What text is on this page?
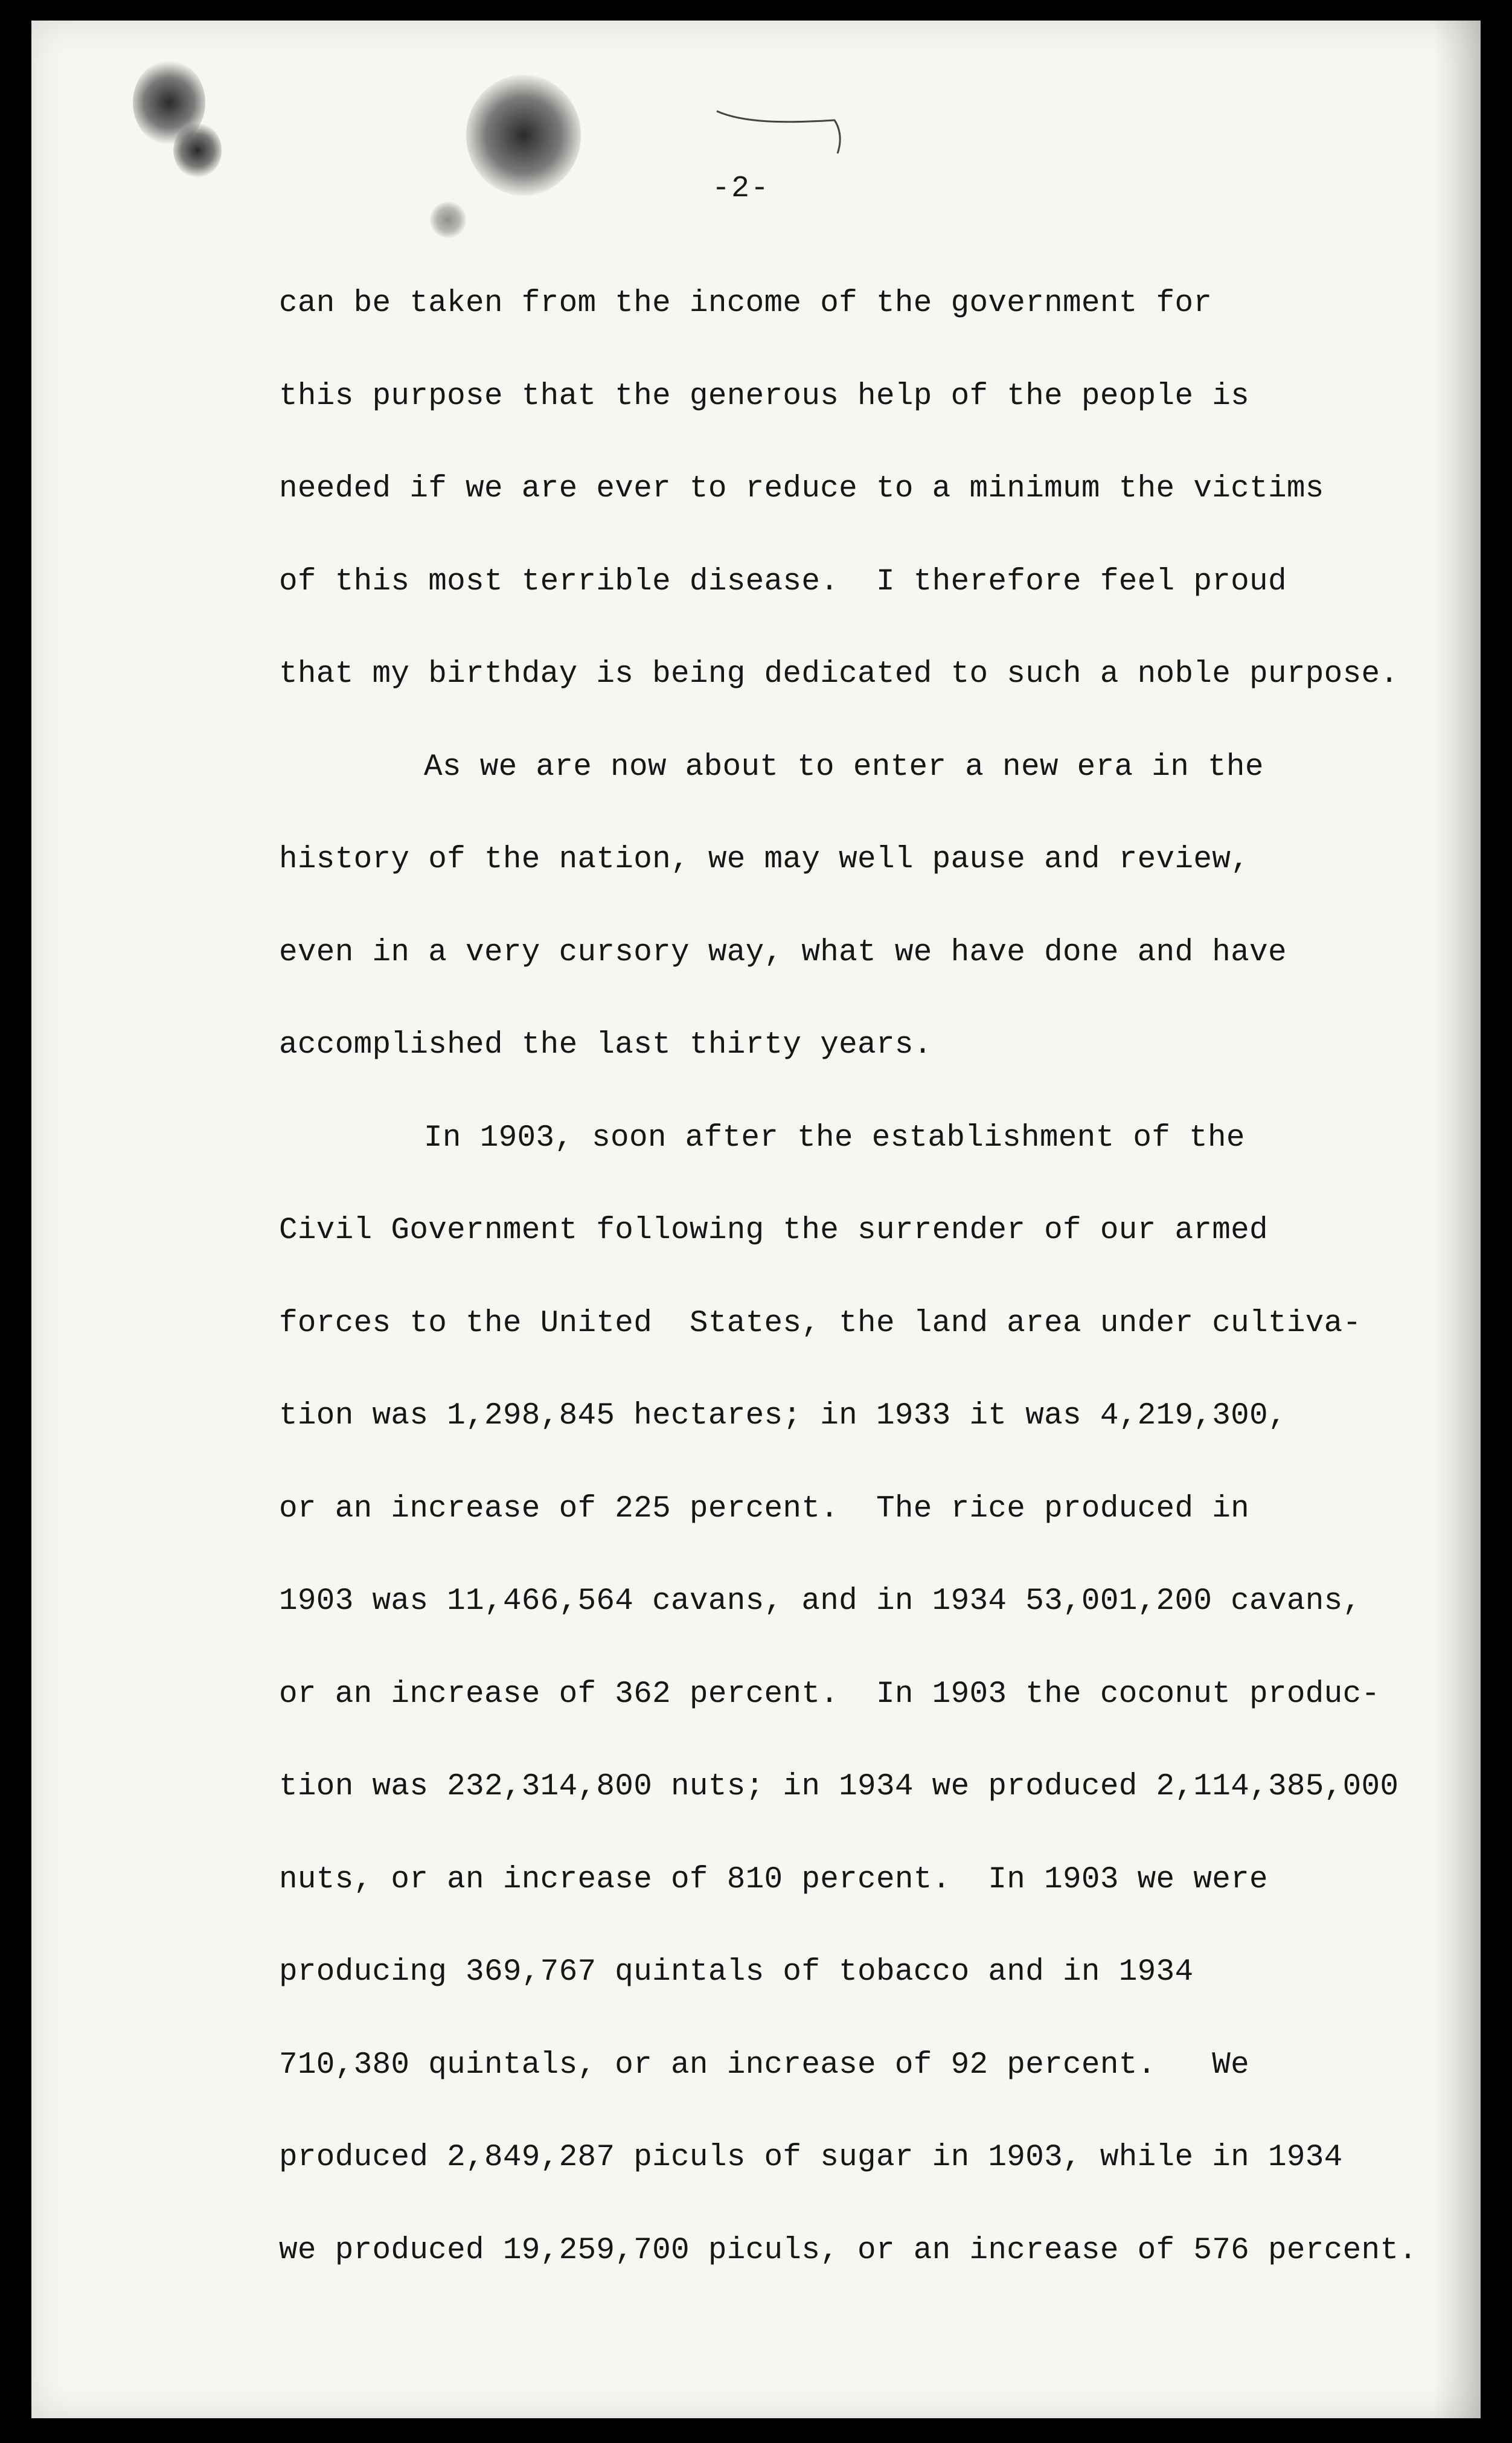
-2-
can be taken from the income of the government for
this purpose that the generous help of the people is
needed if we are ever to reduce to a minimum the victims
of this most terrible disease.  I therefore feel proud
that my birthday is being dedicated to such a noble purpose.
As we are now about to enter a new era in the
history of the nation, we may well pause and review,
even in a very cursory way, what we have done and have
accomplished the last thirty years.
In 1903, soon after the establishment of the
Civil Government following the surrender of our armed
forces to the United  States, the land area under cultiva-
tion was 1,298,845 hectares; in 1933 it was 4,219,300,
or an increase of 225 percent.  The rice produced in
1903 was 11,466,564 cavans, and in 1934 53,001,200 cavans,
or an increase of 362 percent.  In 1903 the coconut produc-
tion was 232,314,800 nuts; in 1934 we produced 2,114,385,000
nuts, or an increase of 810 percent.  In 1903 we were
producing 369,767 quintals of tobacco and in 1934
710,380 quintals, or an increase of 92 percent.   We
produced 2,849,287 piculs of sugar in 1903, while in 1934
we produced 19,259,700 piculs, or an increase of 576 percent.
